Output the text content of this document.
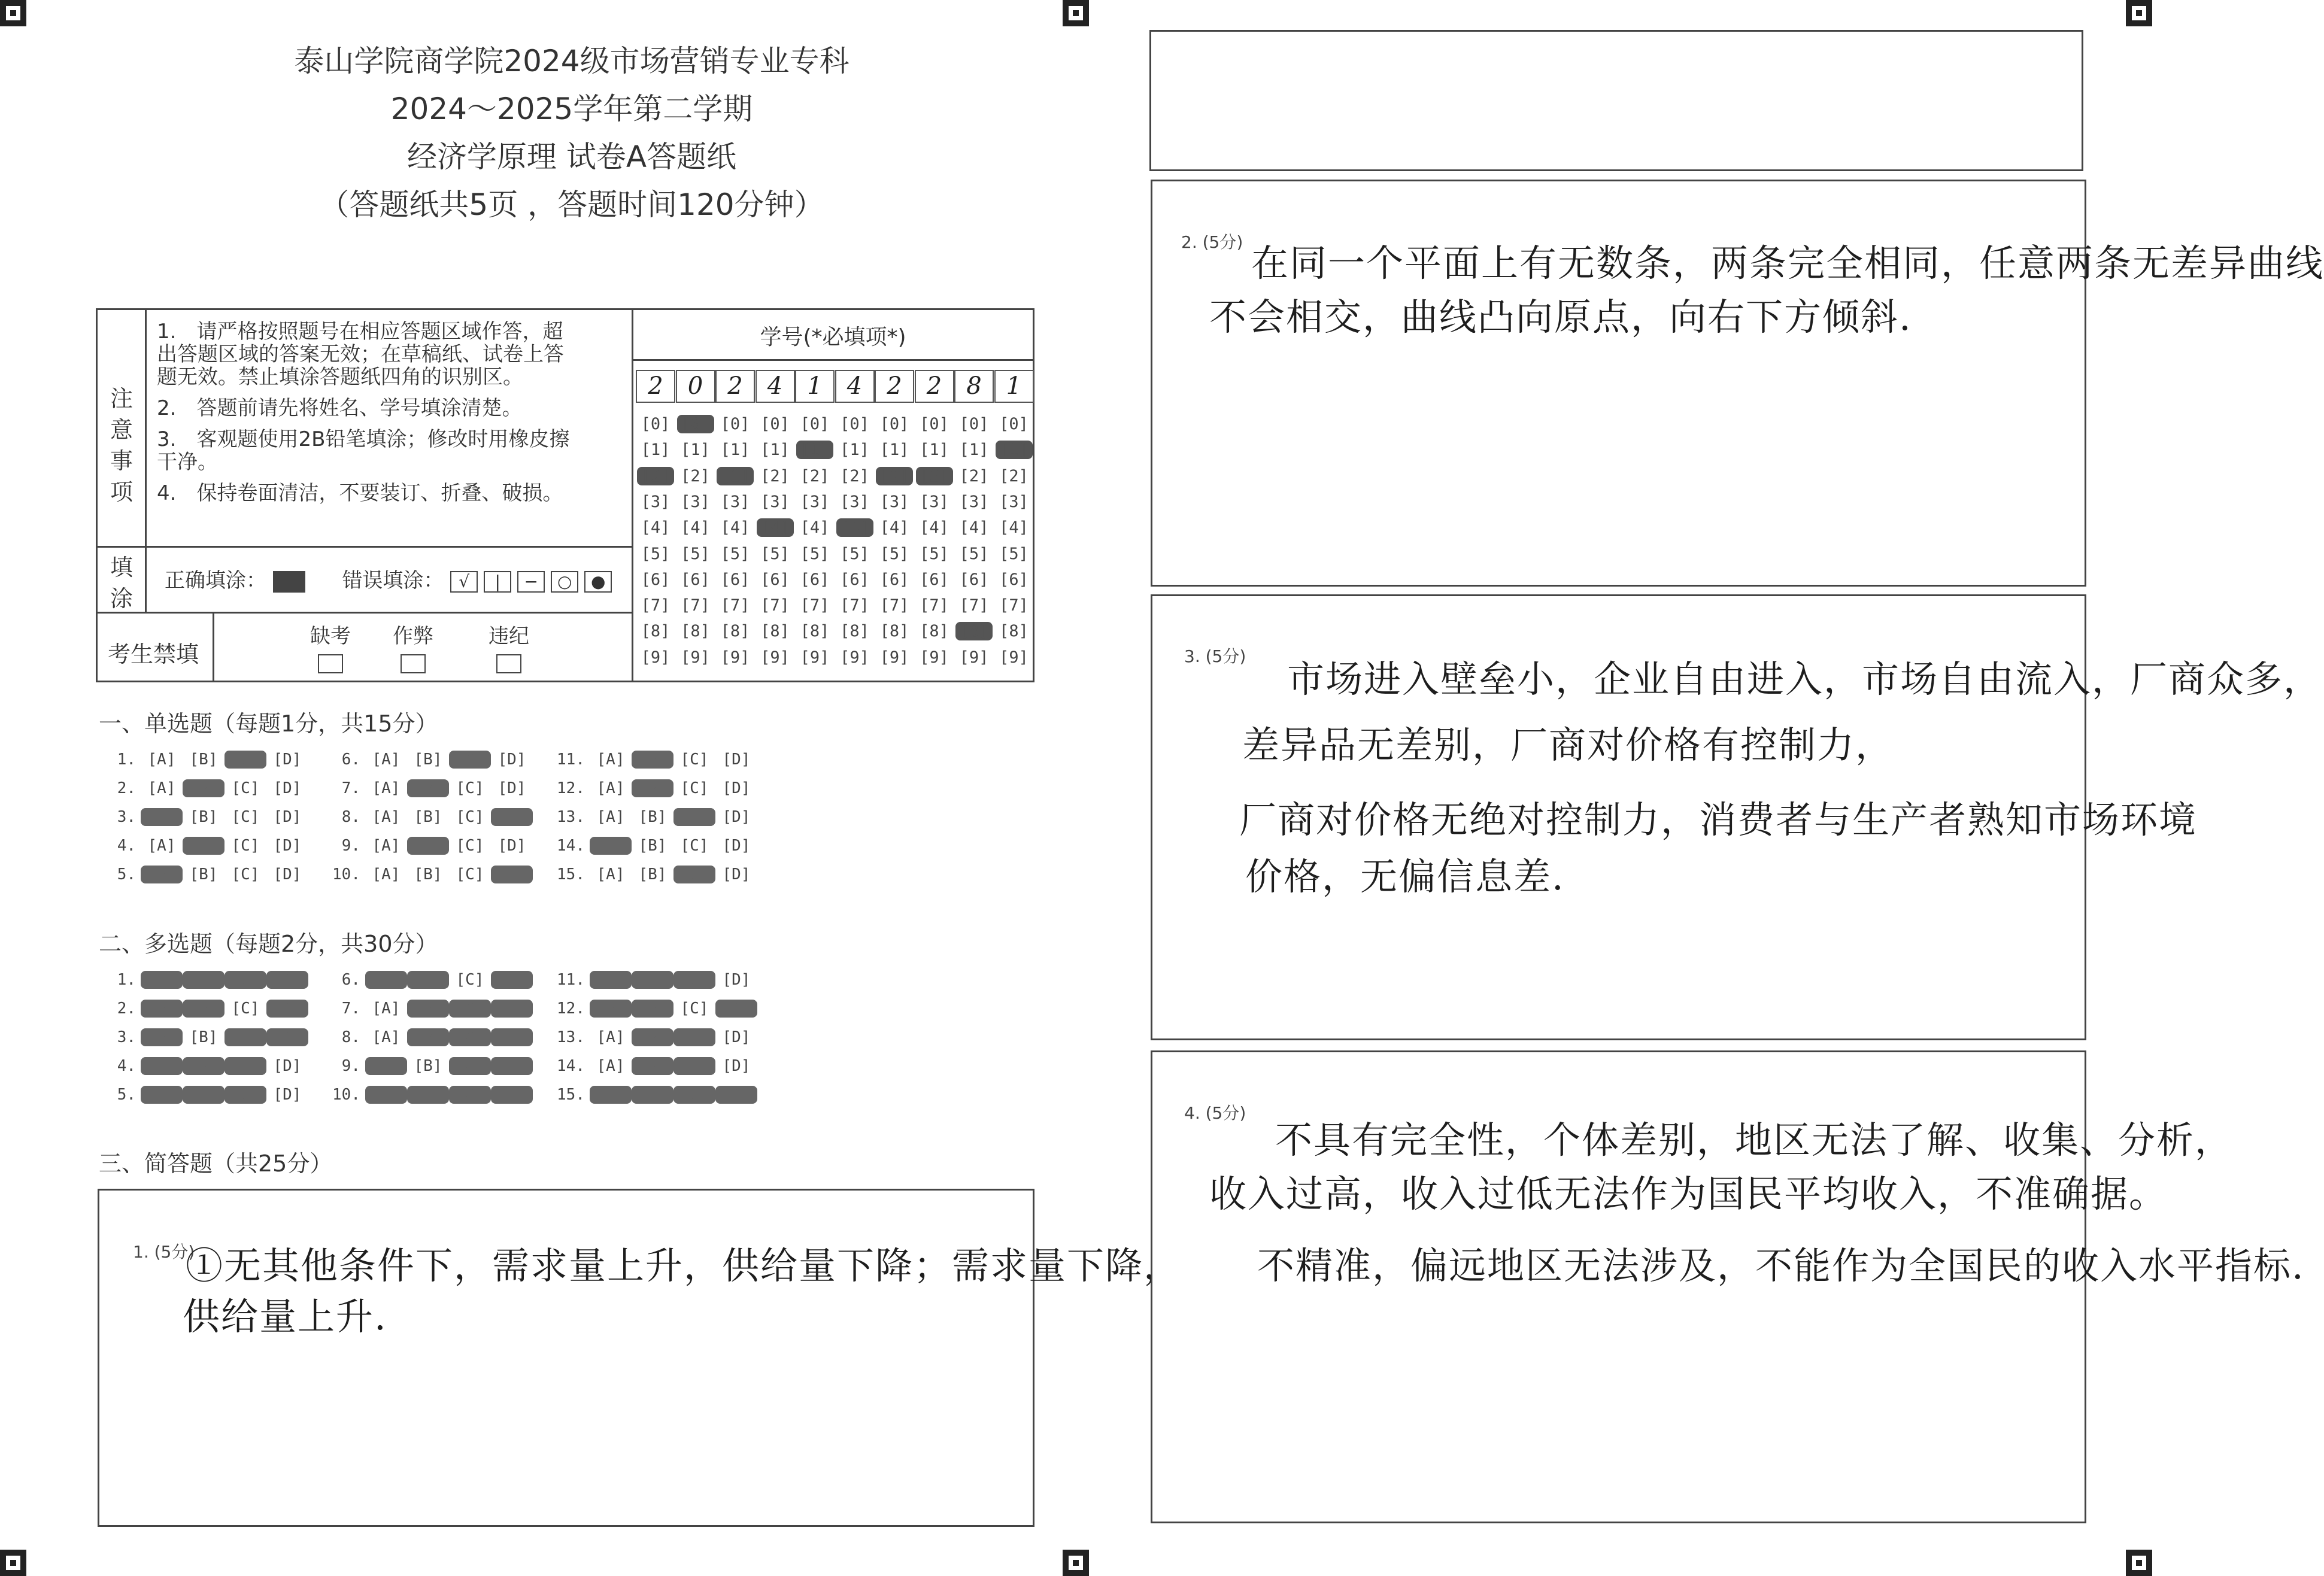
泰山学院商学院2024级市场营销专业专科
2024～2025学年第二学期
经济学原理 试卷A答题纸
（答题纸共5页 ，答题时间120分钟）
注
意
事
项
1.　请严格按照题号在相应答题区域作答，超
出答题区域的答案无效；在草稿纸、试卷上答
题无效。禁止填涂答题纸四角的识别区。
2.　答题前请先将姓名、学号填涂清楚。
3.　客观题使用2B铅笔填涂；修改时用橡皮擦
干净。
4.　保持卷面清洁，不要装订、折叠、破损。
填
涂
正确填涂：	错误填涂： √ | − ○ ●
考生禁填
缺考 作弊	违纪
学号(*必填项*)
2	0	2	4	1	4	2	2	8	1
[0] [0] [0] [0] [0] [0] [0] [0] [0] [0]
[1] [1] [1] [1] [1] [1] [1] [1] [1] [1]
[2] [2] [2] [2] [2] [2] [2] [2] [2] [2]
[3] [3] [3] [3] [3] [3] [3] [3] [3] [3]
[4] [4] [4] [4] [4] [4] [4] [4] [4] [4]
[5] [5] [5] [5] [5] [5] [5] [5] [5] [5]
[6] [6] [6] [6] [6] [6] [6] [6] [6] [6]
[7] [7] [7] [7] [7] [7] [7] [7] [7] [7]
[8] [8] [8] [8] [8] [8] [8] [8] [8] [8]
[9] [9] [9] [9] [9] [9] [9] [9] [9] [9]
一、单选题（每题1分，共15分）
1. [A] [B] [C] [D]
2. [A] [B] [C] [D]
3. [A] [B] [C] [D]
4. [A] [B] [C] [D]
5. [A] [B] [C] [D]
6. [A] [B] [C] [D]
7. [A] [B] [C] [D]
8. [A] [B] [C] [D]
9. [A] [B] [C] [D]
10. [A] [B] [C] [D]
11. [A] [B] [C] [D]
12. [A] [B] [C] [D]
13. [A] [B] [C] [D]
14. [A] [B] [C] [D]
15. [A] [B] [C] [D]
二、多选题（每题2分，共30分）
1. [A] [B] [C] [D]
2. [A] [B] [C] [D]
3. [A] [B] [C] [D]
4. [A] [B] [C] [D]
5. [A] [B] [C] [D]
6. [A] [B] [C] [D]
7. [A] [B] [C] [D]
8. [A] [B] [C] [D]
9. [A] [B] [C] [D]
10. [A] [B] [C] [D]
11. [A] [B] [C] [D]
12. [A] [B] [C] [D]
13. [A] [B] [C] [D]
14. [A] [B] [C] [D]
15. [A] [B] [C] [D]
三、简答题（共25分）
1. (5分)
①无其他条件下，需求量上升，供给量下降；需求量下降，
供给量上升.
2. (5分) 在同一个平面上有无数条，两条完全相同，任意两条无差异曲线
不会相交，曲线凸向原点，向右下方倾斜.
3. (5分)
市场进入壁垒小，企业自由进入，市场自由流入，厂商众多，
差异品无差别，厂商对价格有控制力，
厂商对价格无绝对控制力，消费者与生产者熟知市场环境
价格，无偏信息差.
4. (5分)
不具有完全性，个体差别，地区无法了解、收集、分析，
收入过高，收入过低无法作为国民平均收入，不准确据。
不精准，偏远地区无法涉及，不能作为全国民的收入水平指标.
